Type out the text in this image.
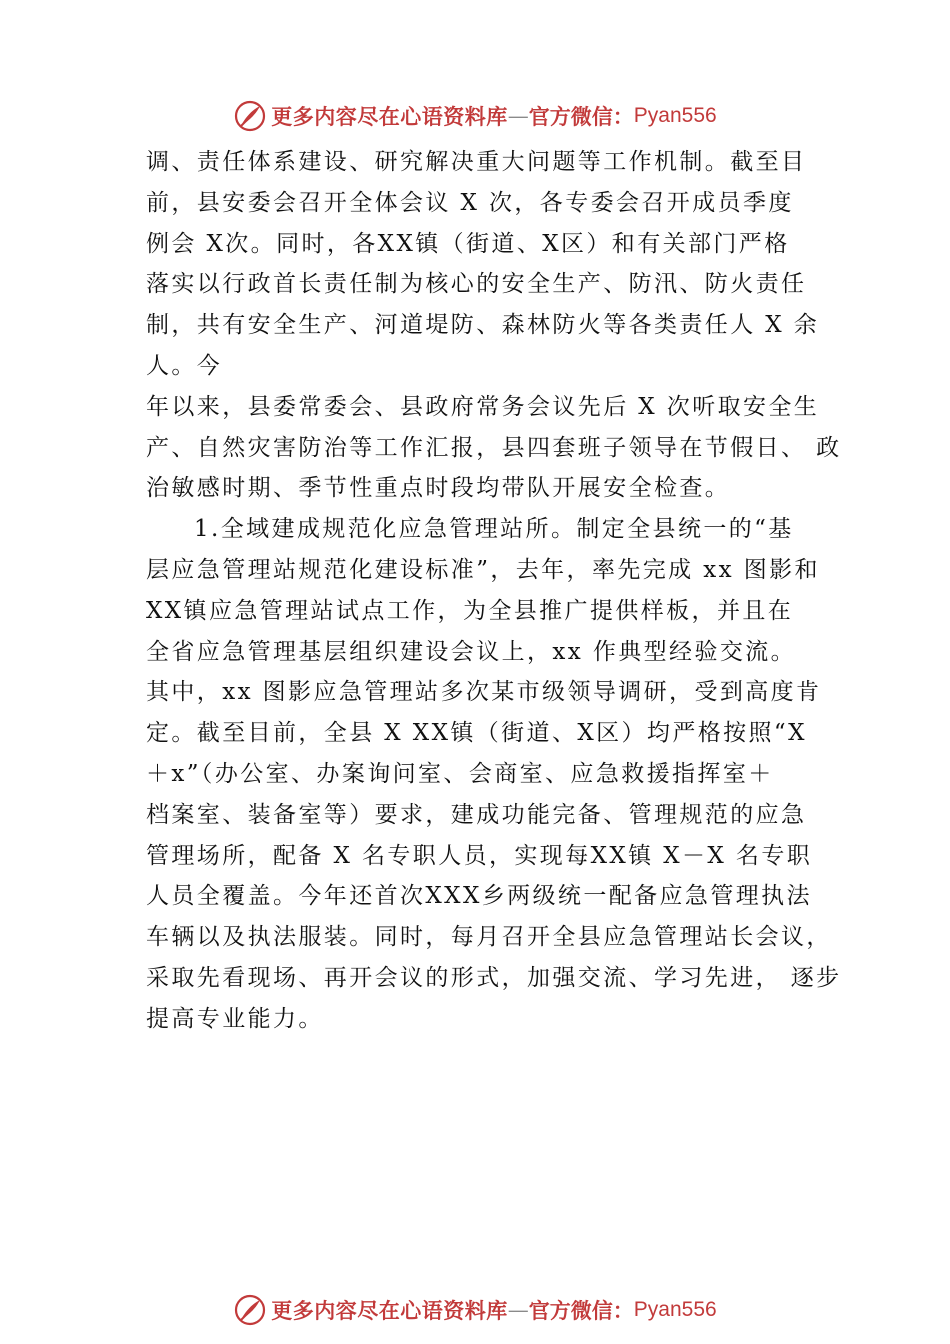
更多内容尽在心语资料库 — 官方微信： Pyan556
调、责任体系建设、研究解决重大问题等工作机制。截至目
前，县安委会召开全体会议 X 次，各专委会召开成员季度
例会 X次。同时，各XX镇（街道、X区）和有关部门严格
落实以行政首长责任制为核心的安全生产、防汛、防火责任
制，共有安全生产、河道堤防、森林防火等各类责任人 X 余
人。今
年以来，县委常委会、县政府常务会议先后 X 次听取安全生
产、自然灾害防治等工作汇报，县四套班子领导在节假日、 政
治敏感时期、季节性重点时段均带队开展安全检查。
1.全域建成规范化应急管理站所。制定全县统一的“基
层应急管理站规范化建设标准”，去年，率先完成 xx 图影和
XX镇应急管理站试点工作，为全县推广提供样板，并且在
全省应急管理基层组织建设会议上，xx 作典型经验交流。
其中，xx 图影应急管理站多次某市级领导调研，受到高度肯
定。截至目前，全县 X XX镇（街道、X区）均严格按照“X
＋x”（办公室、办案询问室、会商室、应急救援指挥室＋
档案室、装备室等）要求，建成功能完备、管理规范的应急
管理场所，配备 X 名专职人员，实现每XX镇 X－X 名专职
人员全覆盖。今年还首次XXX乡两级统一配备应急管理执法
车辆以及执法服装。同时，每月召开全县应急管理站长会议，
采取先看现场、再开会议的形式，加强交流、学习先进， 逐步
提高专业能力。
更多内容尽在心语资料库 — 官方微信： Pyan556
